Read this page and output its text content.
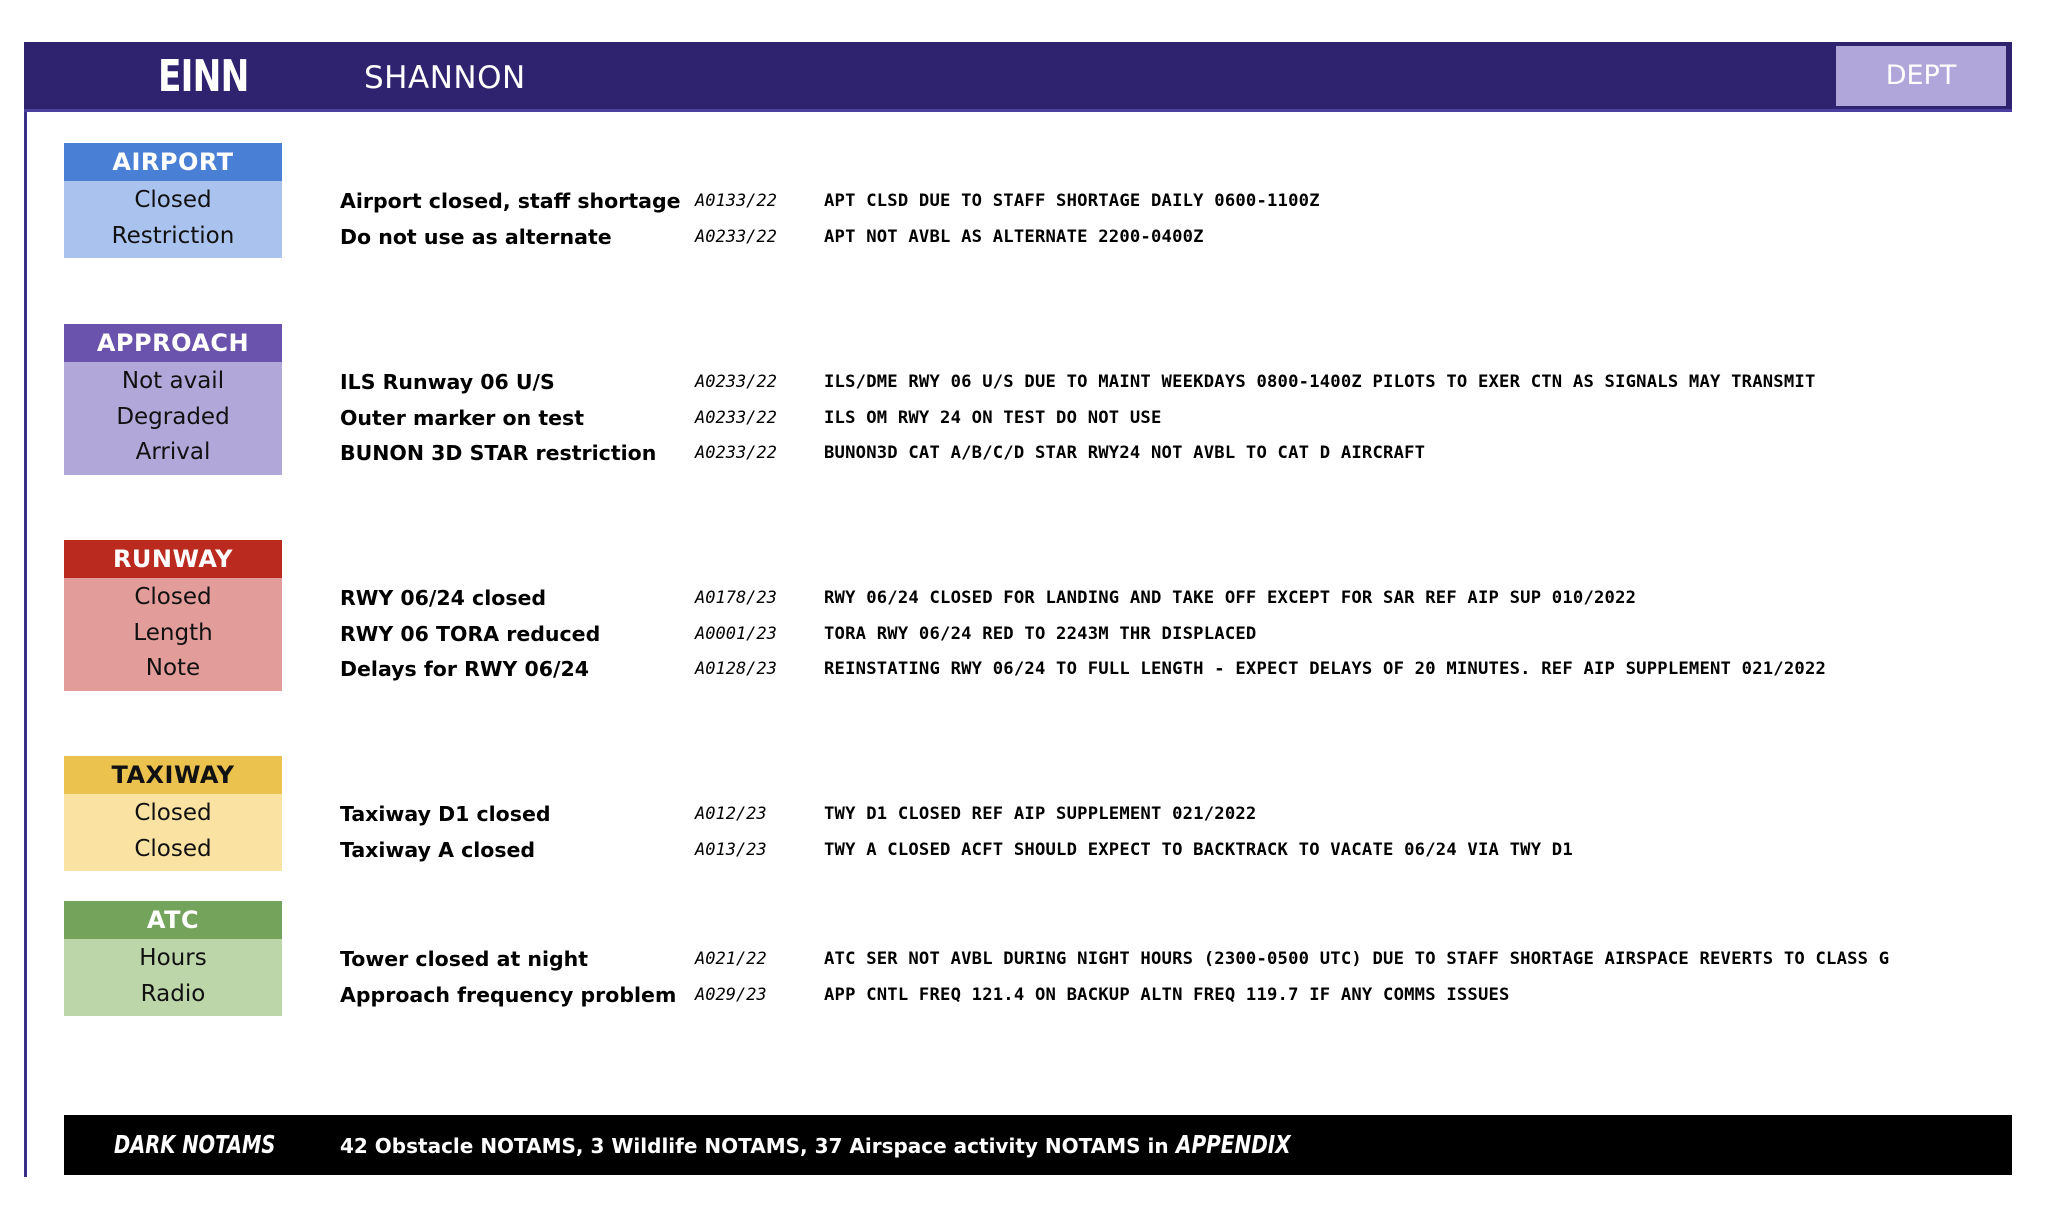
EINN	SHANNON	DEPT
AIRPORT
Closed
Restriction
Airport closed, staff shortage A0133/22	APT CLSD DUE TO STAFF SHORTAGE DAILY 0600-1100Z
Do not use as alternate	A0233/22	APT NOT AVBL AS ALTERNATE 2200-0400Z
APPROACH
Not avail
Degraded
Arrival
ILS Runway 06 U/S	A0233/22	ILS/DME RWY 06 U/S DUE TO MAINT WEEKDAYS 0800-1400Z PILOTS TO EXER CTN AS SIGNALS MAY TRANSMIT
Outer marker on test	A0233/22	ILS OM RWY 24 ON TEST DO NOT USE
BUNON 3D STAR restriction	A0233/22	BUNON3D CAT A/B/C/D STAR RWY24 NOT AVBL TO CAT D AIRCRAFT
RUNWAY
Closed
Length
Note
RWY 06/24 closed	A0178/23	RWY 06/24 CLOSED FOR LANDING AND TAKE OFF EXCEPT FOR SAR REF AIP SUP 010/2022
RWY 06 TORA reduced	A0001/23	TORA RWY 06/24 RED TO 2243M THR DISPLACED
Delays for RWY 06/24	A0128/23	REINSTATING RWY 06/24 TO FULL LENGTH - EXPECT DELAYS OF 20 MINUTES. REF AIP SUPPLEMENT 021/2022
TAXIWAY
Closed
Closed
Taxiway D1 closed	A012/23	TWY D1 CLOSED REF AIP SUPPLEMENT 021/2022
Taxiway A closed	A013/23	TWY A CLOSED ACFT SHOULD EXPECT TO BACKTRACK TO VACATE 06/24 VIA TWY D1
ATC
Hours
Radio
Tower closed at night	A021/22	ATC SER NOT AVBL DURING NIGHT HOURS (2300-0500 UTC) DUE TO STAFF SHORTAGE AIRSPACE REVERTS TO CLASS G
Approach frequency problem A029/23	APP CNTL FREQ 121.4 ON BACKUP ALTN FREQ 119.7 IF ANY COMMS ISSUES
DARK NOTAMS	42 Obstacle NOTAMS, 3 Wildlife NOTAMS, 37 Airspace activity NOTAMS in APPENDIX
